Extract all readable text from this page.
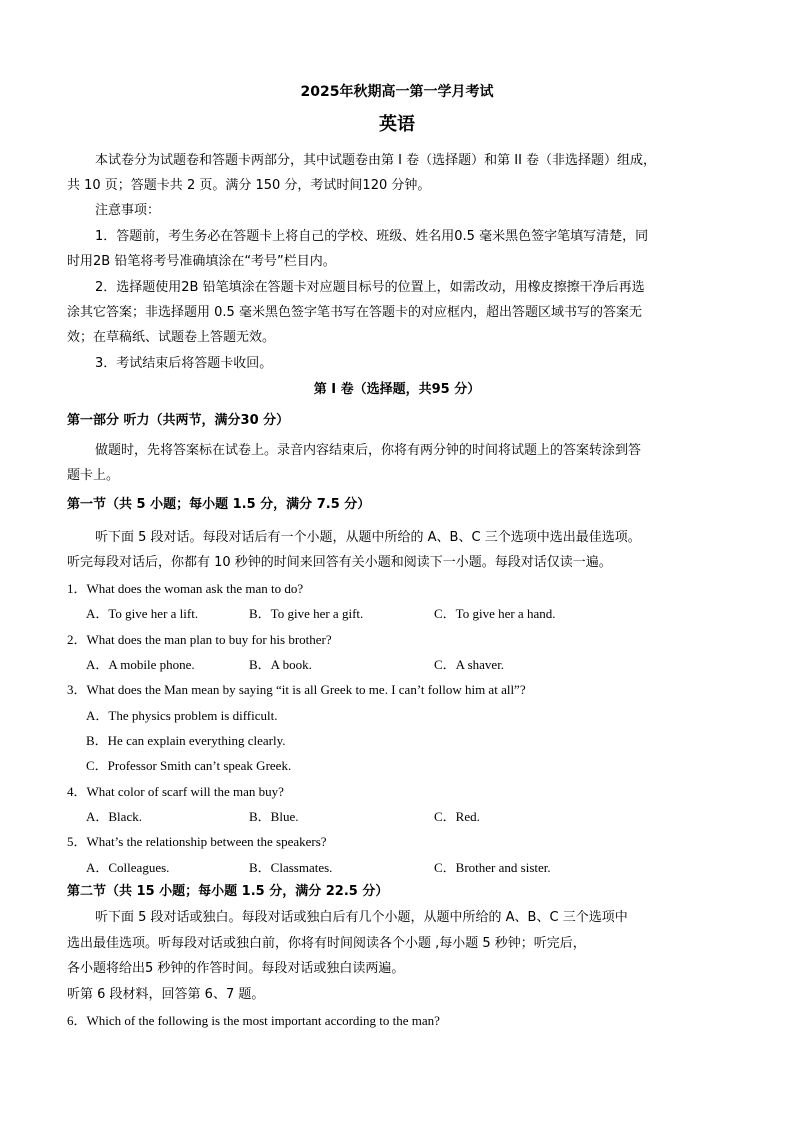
2025年秋期高一第一学月考试
英语
本试卷分为试题卷和答题卡两部分，其中试题卷由第 I 卷（选择题）和第 II 卷（非选择题）组成，
共 10 页；答题卡共 2 页。满分 150 分，考试时间120 分钟。
注意事项：
1．答题前，考生务必在答题卡上将自己的学校、班级、姓名用0.5 毫米黑色签字笔填写清楚，同
时用2B 铅笔将考号准确填涂在“考号”栏目内。
2．选择题使用2B 铅笔填涂在答题卡对应题目标号的位置上，如需改动，用橡皮擦擦干净后再选
涂其它答案；非选择题用 0.5 毫米黑色签字笔书写在答题卡的对应框内，超出答题区域书写的答案无
效；在草稿纸、试题卷上答题无效。
3．考试结束后将答题卡收回。
第 I 卷（选择题，共95 分）
第一部分 听力（共两节，满分30 分）
做题时，先将答案标在试卷上。录音内容结束后，你将有两分钟的时间将试题上的答案转涂到答
题卡上。
第一节（共 5 小题；每小题 1.5 分，满分 7.5 分）
听下面 5 段对话。每段对话后有一个小题，从题中所给的 A、B、C 三个选项中选出最佳选项。
听完每段对话后，你都有 10 秒钟的时间来回答有关小题和阅读下一小题。每段对话仅读一遍。
1．What does the woman ask the man to do?
A．To give her a lift.	B．To give her a gift.	C．To give her a hand.
2．What does the man plan to buy for his brother?
A．A mobile phone.	B．A book.	C．A shaver.
3．What does the Man mean by saying “it is all Greek to me. I can’t follow him at all”?
A．The physics problem is difficult.
B．He can explain everything clearly.
C．Professor Smith can’t speak Greek.
4．What color of scarf will the man buy?
A．Black.	B．Blue.	C．Red.
5．What’s the relationship between the speakers?
A．Colleagues.	B．Classmates.	C．Brother and sister.
第二节（共 15 小题；每小题 1.5 分，满分 22.5 分）
听下面 5 段对话或独白。每段对话或独白后有几个小题，从题中所给的 A、B、C 三个选项中
选出最佳选项。听每段对话或独白前，你将有时间阅读各个小题 ,每小题 5 秒钟；听完后，
各小题将给出5 秒钟的作答时间。每段对话或独白读两遍。
听第 6 段材料，回答第 6、7 题。
6．Which of the following is the most important according to the man?
